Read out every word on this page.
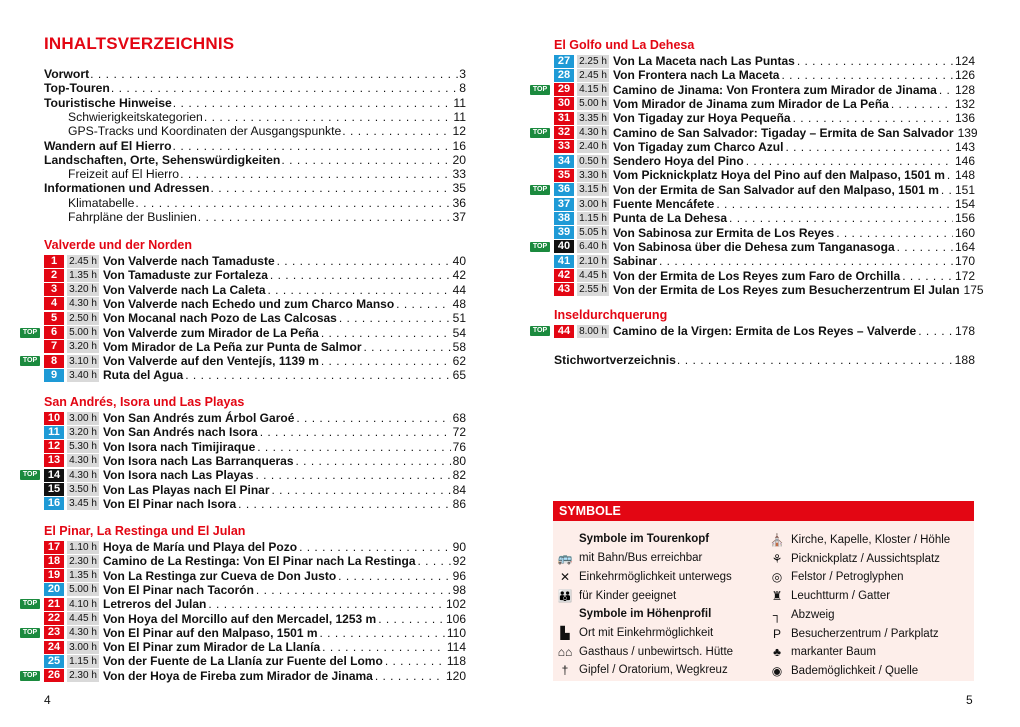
INHALTSVERZEICHNIS
Vorwort . . .	3
Top-Touren . . .	8
Touristische Hinweise . . .	11
Schwierigkeitskategorien . . .	11
GPS-Tracks und Koordinaten der Ausgangspunkte . . .	12
Wandern auf El Hierro . . .	16
Landschaften, Orte, Sehenswürdigkeiten . . .	20
Freizeit auf El Hierro . . .	33
Informationen und Adressen . . .	35
Klimatabelle . . .	36
Fahrpläne der Buslinien . . .	37
Valverde und der Norden
1	2.45 h Von Valverde nach Tamaduste . . .	40
2	1.35 h Von Tamaduste zur Fortaleza . . .	42
3	3.20 h Von Valverde nach La Caleta . . .	44
4	4.30 h Von Valverde nach Echedo und zum Charco Manso . . .	48
5	2.50 h Von Mocanal nach Pozo de Las Calcosas . . .	51
TOP	6	5.00 h Von Valverde zum Mirador de La Peña . . .	54
7	3.20 h Vom Mirador de La Peña zur Punta de Salmor . . .	58
TOP	8	3.10 h Von Valverde auf den Ventejís, 1139 m . . .	62
9	3.40 h Ruta del Agua . . .	65
San Andrés, Isora und Las Playas
10 3.00 h Von San Andrés zum Árbol Garoé . . .	68
11 3.20 h Von San Andrés nach Isora . . .	72
12 5.30 h Von Isora nach Timijiraque . . .	76
13 4.30 h Von Isora nach Las Barranqueras . . .	80
TOP 14 4.30 h Von Isora nach Las Playas . . .	82
15 3.50 h Von Las Playas nach El Pinar . . .	84
16 3.45 h Von El Pinar nach Isora . . .	86
El Pinar, La Restinga und El Julan
17 1.10 h Hoya de María und Playa del Pozo . . .	90
18 2.30 h Camino de La Restinga: Von El Pinar nach La Restinga . . .	92
19 1.35 h Von La Restinga zur Cueva de Don Justo . . .	96
20 5.00 h Von El Pinar nach Tacorón . . .	98
TOP 21 4.10 h Letreros del Julan . . .	102
22 4.45 h Von Hoya del Morcillo auf den Mercadel, 1253 m . . .	106
TOP 23 4.30 h Von El Pinar auf den Malpaso, 1501 m . . .	110
24 3.00 h Von El Pinar zum Mirador de La Llanía . . .	114
25 1.15 h Von der Fuente de La Llanía zur Fuente del Lomo . . .	118
TOP 26 2.30 h Von der Hoya de Fireba zum Mirador de Jinama . . .	120
4
El Golfo und La Dehesa
27 2.25 h Von La Maceta nach Las Puntas . . .	124
28 2.45 h Von Frontera nach La Maceta . . .	126
TOP 29 4.15 h Camino de Jinama: Von Frontera zum Mirador de Jinama . . . 128
30 5.00 h Vom Mirador de Jinama zum Mirador de La Peña . . .	132
31 3.35 h Von Tigaday zur Hoya Pequeña . . .	136
TOP 32 4.30 h Camino de San Salvador: Tigaday – Ermita de San Salvador 139
33 2.40 h Von Tigaday zum Charco Azul . . .	143
34 0.50 h Sendero Hoya del Pino . . .	146
35 3.30 h Vom Picknickplatz Hoya del Pino auf den Malpaso, 1501 m . . . 148
TOP 36 3.15 h Von der Ermita de San Salvador auf den Malpaso, 1501 m . . . 151
37 3.00 h Fuente Mencáfete . . .	154
38 1.15 h Punta de La Dehesa . . .	156
39 5.05 h Von Sabinosa zur Ermita de Los Reyes . . .	160
TOP 40 6.40 h Von Sabinosa über die Dehesa zum Tanganasoga . . .	164
41 2.10 h Sabinar . . .	170
42 4.45 h Von der Ermita de Los Reyes zum Faro de Orchilla . . .	172
43 2.55 h Von der Ermita de Los Reyes zum Besucherzentrum El Julan 175
Inseldurchquerung
TOP 44 8.00 h Camino de la Virgen: Ermita de Los Reyes – Valverde . . .	178
Stichwortverzeichnis . . .	188
5
SYMBOLE
Symbole im Tourenkopf
🚌 mit Bahn/Bus erreichbar
✕ Einkehrmöglichkeit unterwegs
👪 für Kinder geeignet
Symbole im Höhenprofil
▙ Ort mit Einkehrmöglichkeit
⌂⌂ Gasthaus / unbewirtsch. Hütte
† Gipfel / Oratorium, Wegkreuz
⛪ Kirche, Kapelle, Kloster / Höhle
⚘ Picknickplatz / Aussichtsplatz
◎ Felstor / Petroglyphen
♜ Leuchtturm / Gatter
┐ Abzweig
P Besucherzentrum / Parkplatz
♣ markanter Baum
◉ Bademöglichkeit / Quelle
